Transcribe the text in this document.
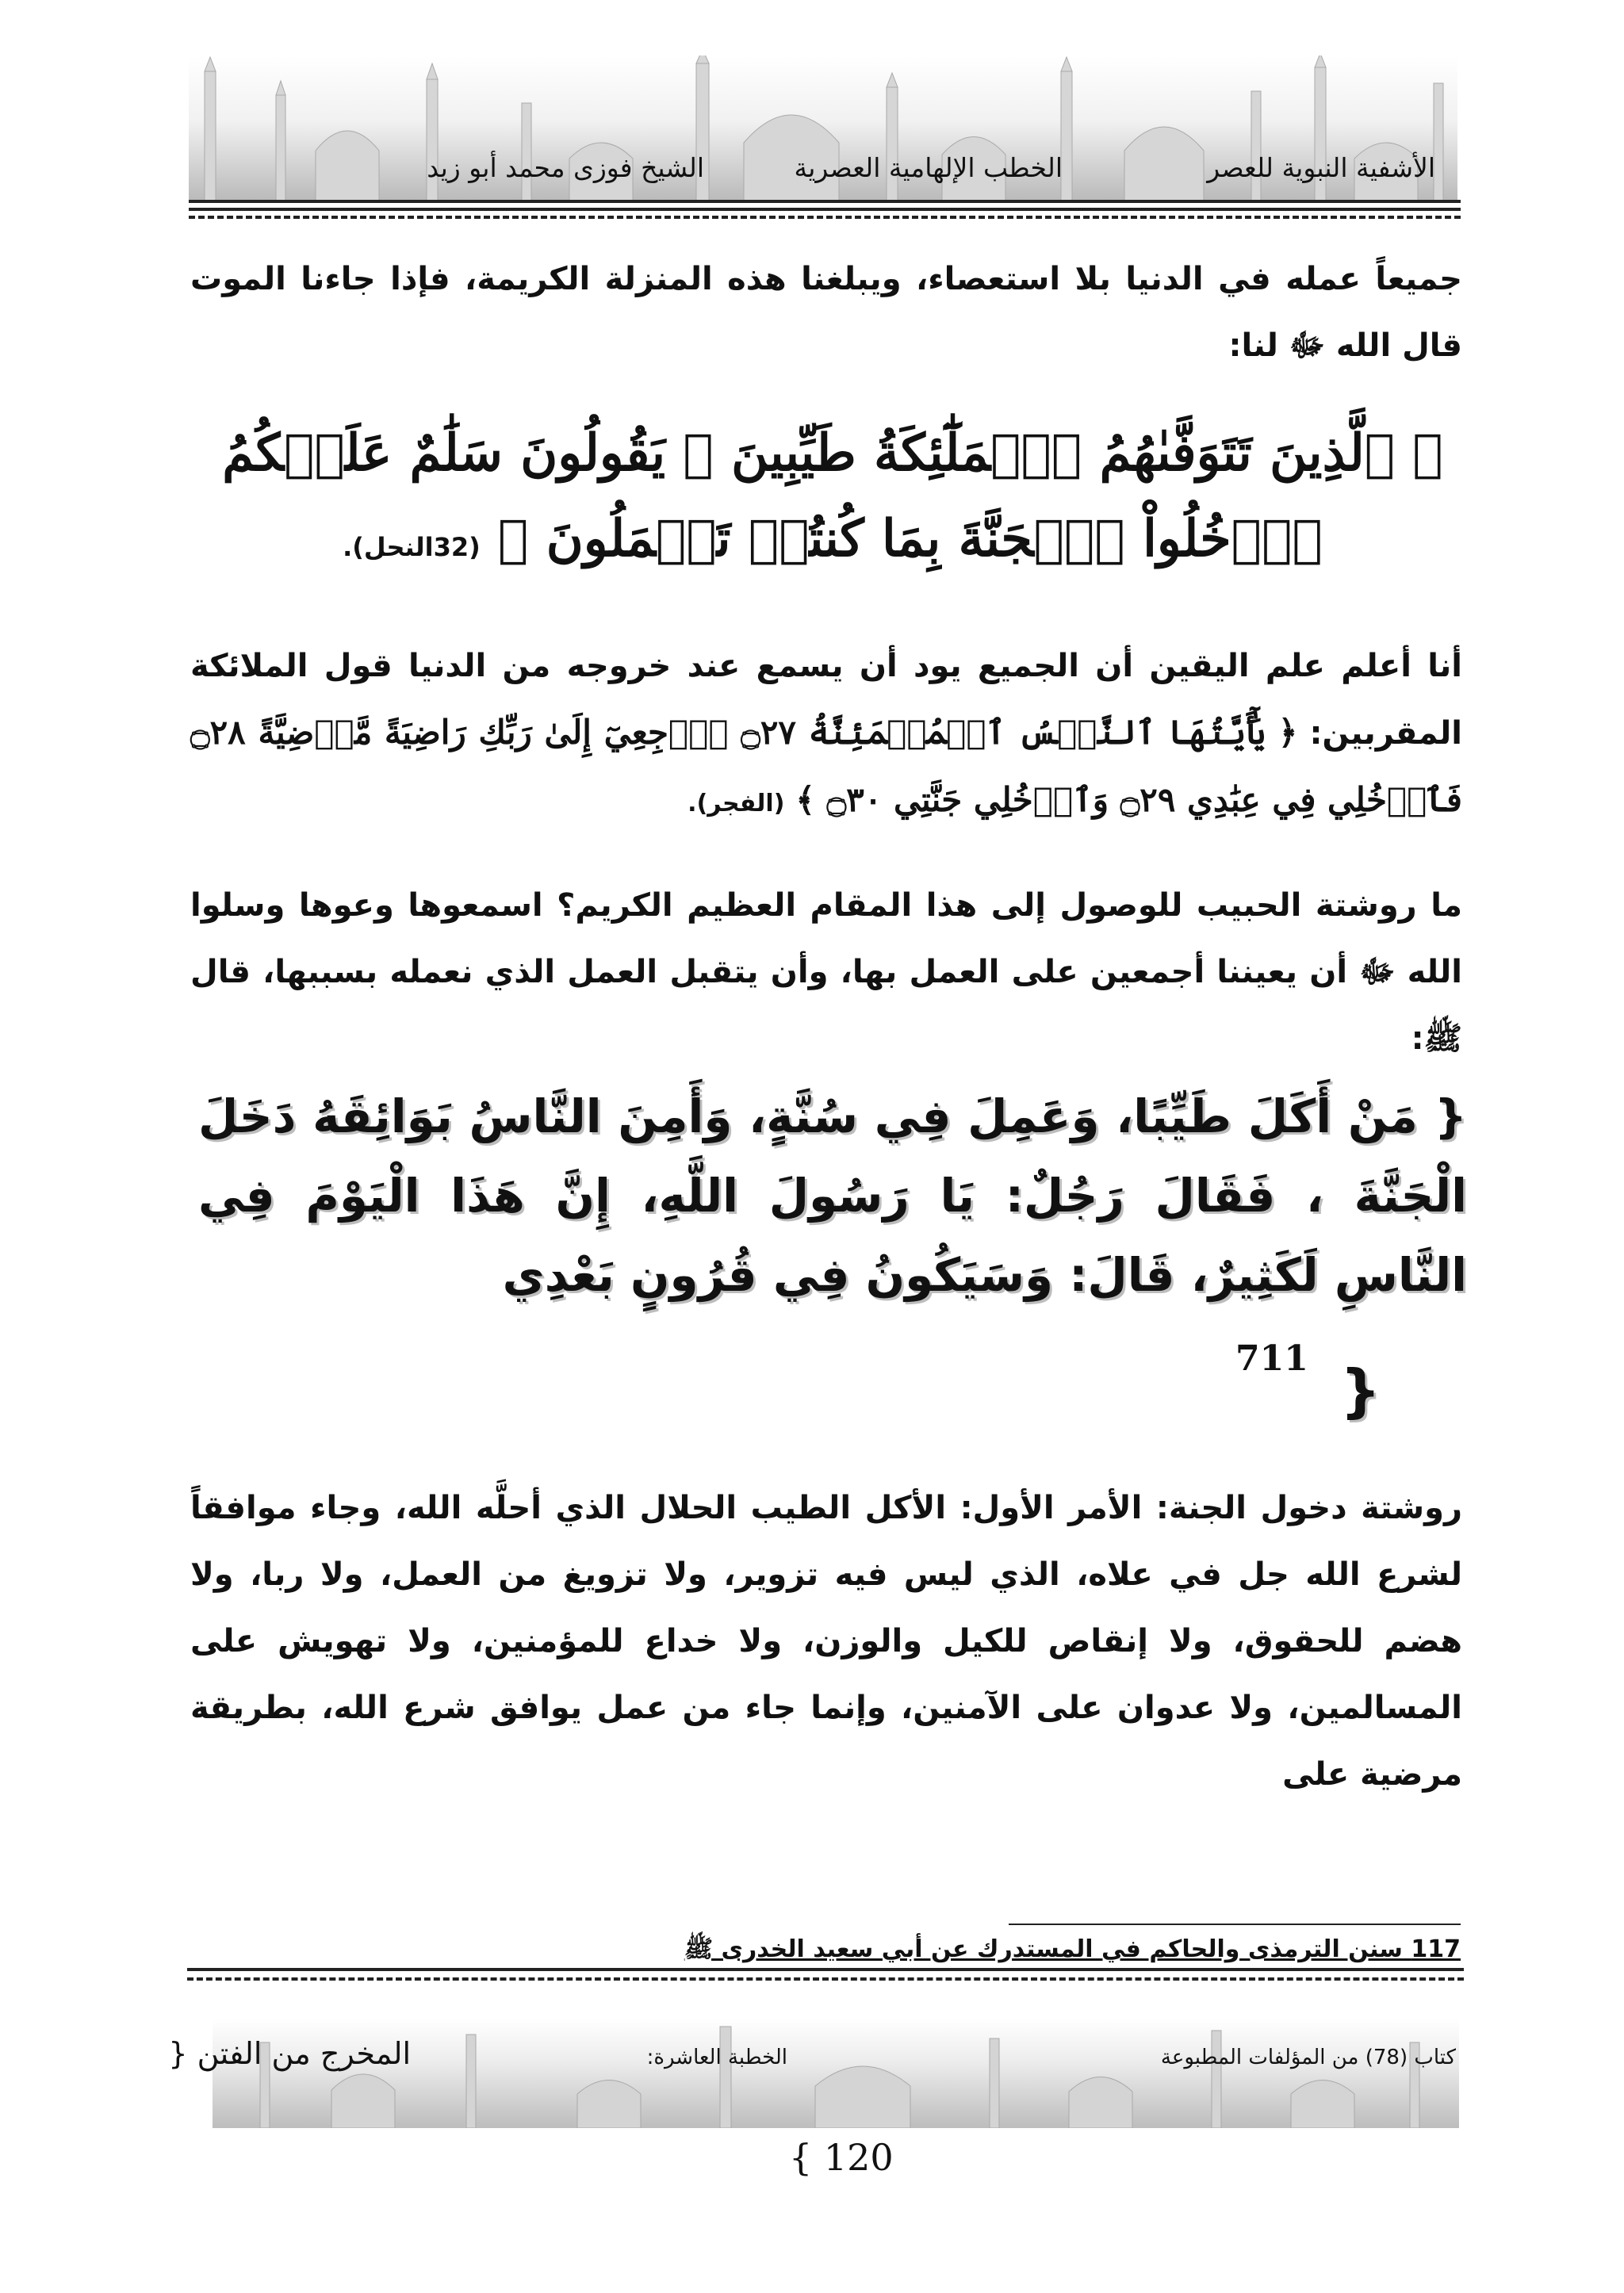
الأشفية النبوية للعصر
الخطب الإلهامية العصرية
الشيخ فوزى محمد أبو زيد

جميعاً عمله في الدنيا بلا استعصاء، ويبلغنا هذه المنزلة الكريمة، فإذا جاءنا الموت قال الله ﷻ لنا:

﴿ ٱلَّذِينَ تَتَوَفَّىٰهُمُ ٱلۡمَلَٰٓئِكَةُ طَيِّبِينَ ۙ يَقُولُونَ سَلَٰمٌ عَلَيۡكُمُ

ٱدۡخُلُواْ ٱلۡجَنَّةَ بِمَا كُنتُمۡ تَعۡمَلُونَ ﴾ (32النحل).
أنا أعلم علم اليقين أن الجميع يود أن يسمع عند خروجه من الدنيا قول الملائكة المقربين: ﴿ يَٰٓأَيَّتُهَا ٱلنَّفۡسُ ٱلۡمُطۡمَئِنَّةُ ۝٢٧ ٱرۡجِعِيٓ إِلَىٰ رَبِّكِ رَاضِيَةً مَّرۡضِيَّةً ۝٢٨ فَٱدۡخُلِي فِي عِبَٰدِي ۝٢٩ وَٱدۡخُلِي جَنَّتِي ۝٣٠ ﴾ (الفجر).

ما روشتة الحبيب للوصول إلى هذا المقام العظيم الكريم؟ اسمعوها وعوها وسلوا الله ﷻ أن يعيننا أجمعين على العمل بها، وأن يتقبل العمل الذي نعمله بسببها، قال ﷺ:

{ مَنْ أَكَلَ طَيِّبًا، وَعَمِلَ فِي سُنَّةٍ، وَأَمِنَ النَّاسُ بَوَائِقَهُ دَخَلَ الْجَنَّةَ ، فَقَالَ رَجُلٌ: يَا رَسُولَ اللَّهِ، إِنَّ هَذَا الْيَوْمَ فِي النَّاسِ لَكَثِيرٌ، قَالَ: وَسَيَكُونُ فِي قُرُونٍ بَعْدِي

711 }

روشتة دخول الجنة: الأمر الأول: الأكل الطيب الحلال الذي أحلَّه الله، وجاء موافقاً لشرع الله جل في علاه، الذي ليس فيه تزوير، ولا تزويغ من العمل، ولا ربا، ولا هضم للحقوق، ولا إنقاص للكيل والوزن، ولا خداع للمؤمنين، ولا تهويش على المسالمين، ولا عدوان على الآمنين، وإنما جاء من عمل يوافق شرع الله، بطريقة مرضية على

117 سنن الترمذى والحاكم في المستدرك عن أبي سعيد الخدرى ﷺ
كتاب (78) من المؤلفات المطبوعة
الخطبة العاشرة:
المخرج من الفتن {
{ 120
